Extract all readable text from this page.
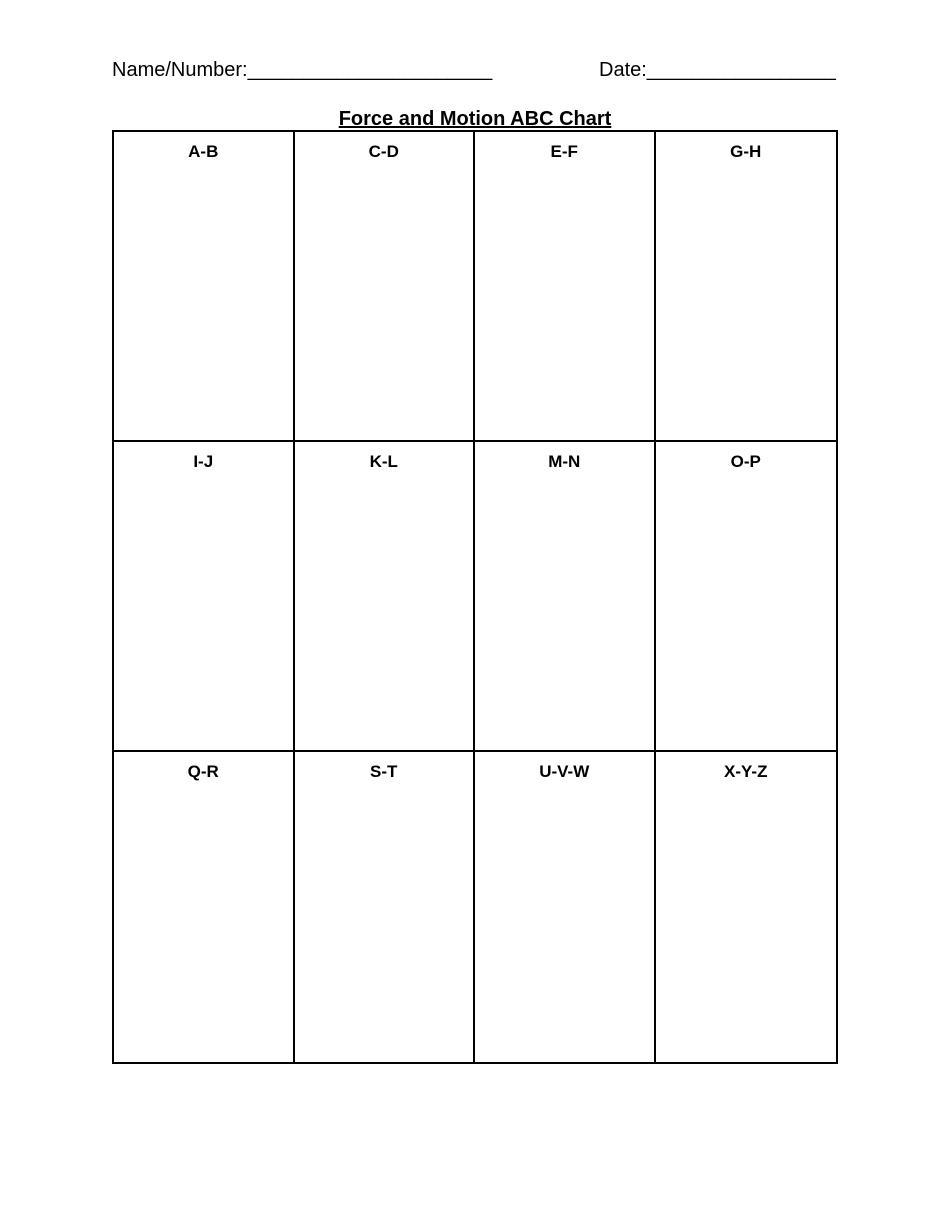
Name/Number:______________________	Date:_________________
Force and Motion ABC Chart
A-B	C-D	E-F	G-H
I-J	K-L	M-N	O-P
Q-R	S-T	U-V-W	X-Y-Z
